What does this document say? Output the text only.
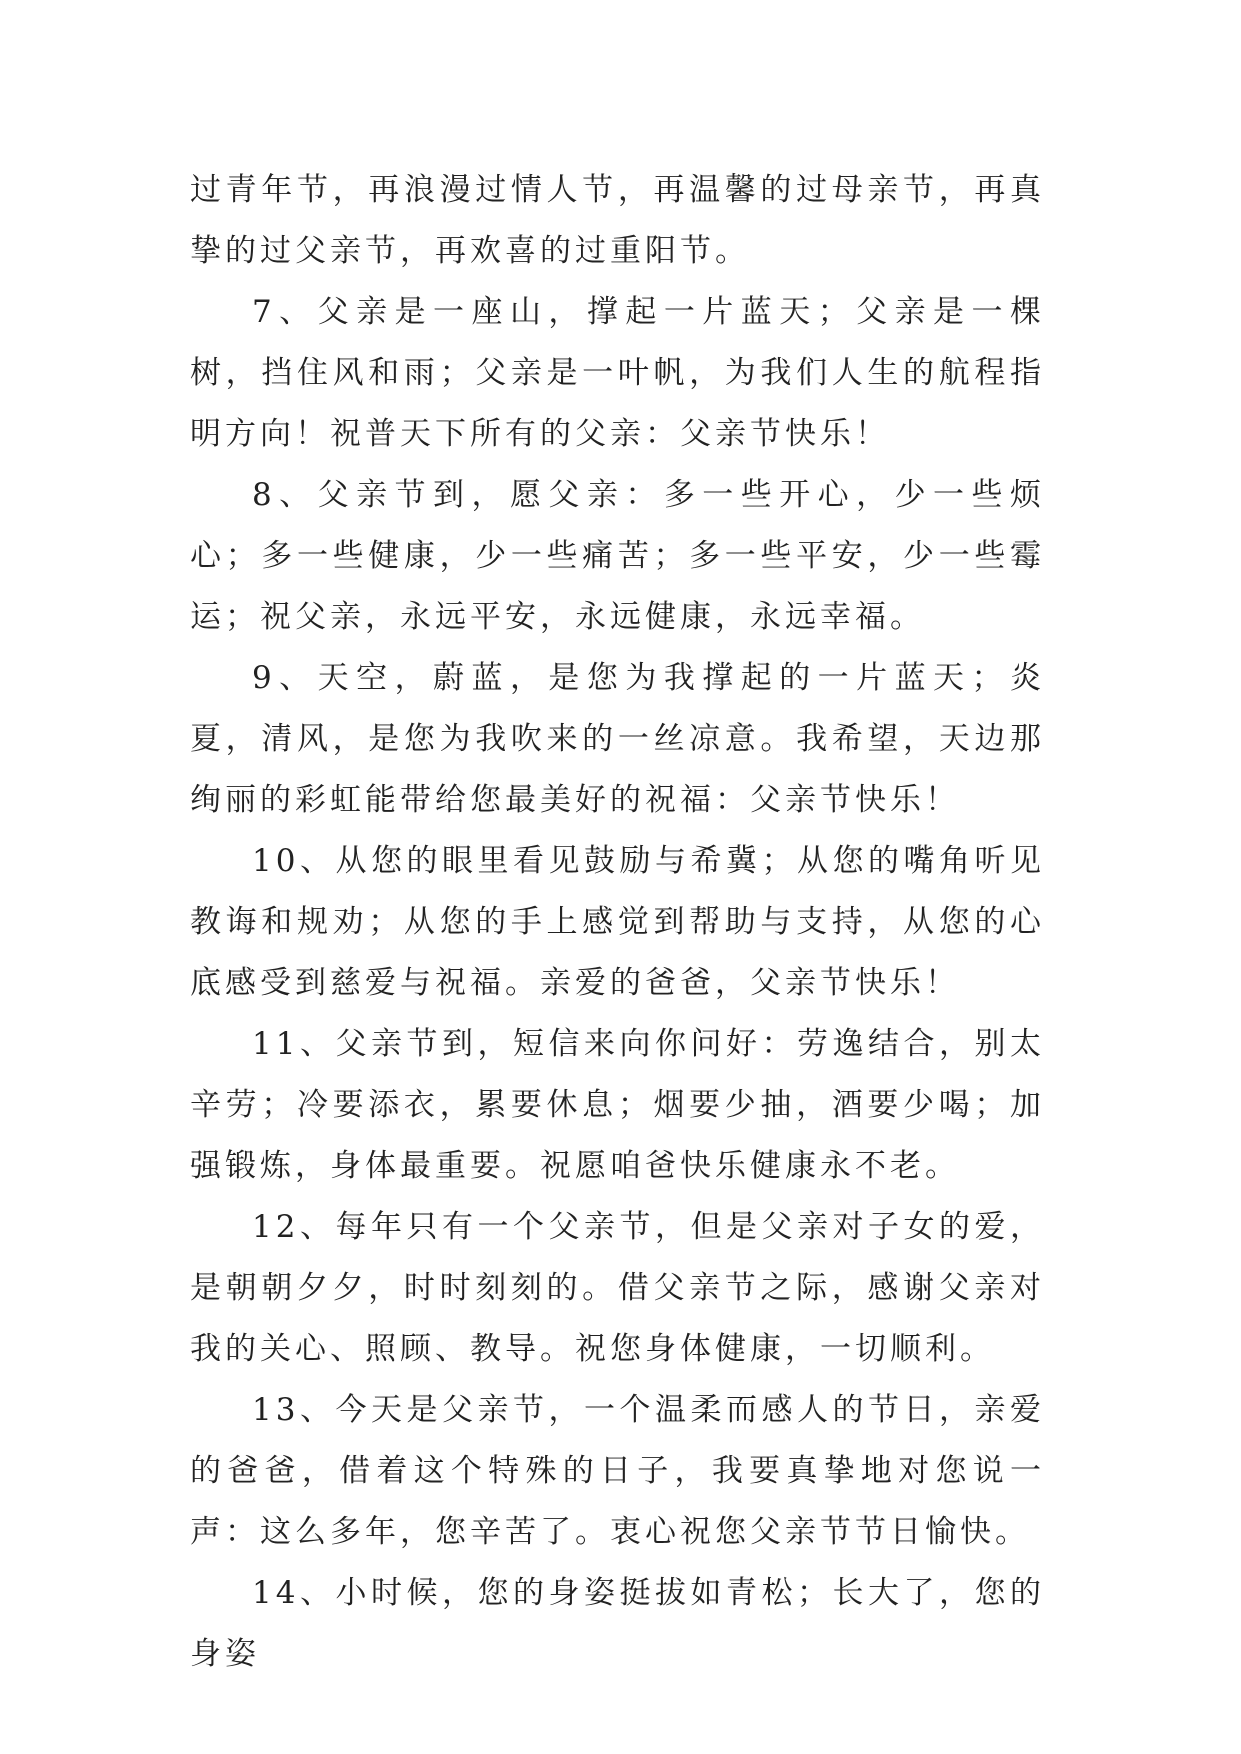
过青年节，再浪漫过情人节，再温馨的过母亲节，再真挚的过父亲节，再欢喜的过重阳节。

7、父亲是一座山，撑起一片蓝天；父亲是一棵树，挡住风和雨；父亲是一叶帆，为我们人生的航程指明方向！祝普天下所有的父亲：父亲节快乐！

8、父亲节到，愿父亲：多一些开心，少一些烦心；多一些健康，少一些痛苦；多一些平安，少一些霉运；祝父亲，永远平安，永远健康，永远幸福。

9、天空，蔚蓝，是您为我撑起的一片蓝天；炎夏，清风，是您为我吹来的一丝凉意。我希望，天边那绚丽的彩虹能带给您最美好的祝福：父亲节快乐！

10、从您的眼里看见鼓励与希冀；从您的嘴角听见教诲和规劝；从您的手上感觉到帮助与支持，从您的心底感受到慈爱与祝福。亲爱的爸爸，父亲节快乐！

11、父亲节到，短信来向你问好：劳逸结合，别太辛劳；冷要添衣，累要休息；烟要少抽，酒要少喝；加强锻炼，身体最重要。祝愿咱爸快乐健康永不老。

12、每年只有一个父亲节，但是父亲对子女的爱，是朝朝夕夕，时时刻刻的。借父亲节之际，感谢父亲对我的关心、照顾、教导。祝您身体健康，一切顺利。

13、今天是父亲节，一个温柔而感人的节日，亲爱的爸爸，借着这个特殊的日子，我要真挚地对您说一声：这么多年，您辛苦了。衷心祝您父亲节节日愉快。

14、小时候，您的身姿挺拔如青松；长大了，您的身姿
